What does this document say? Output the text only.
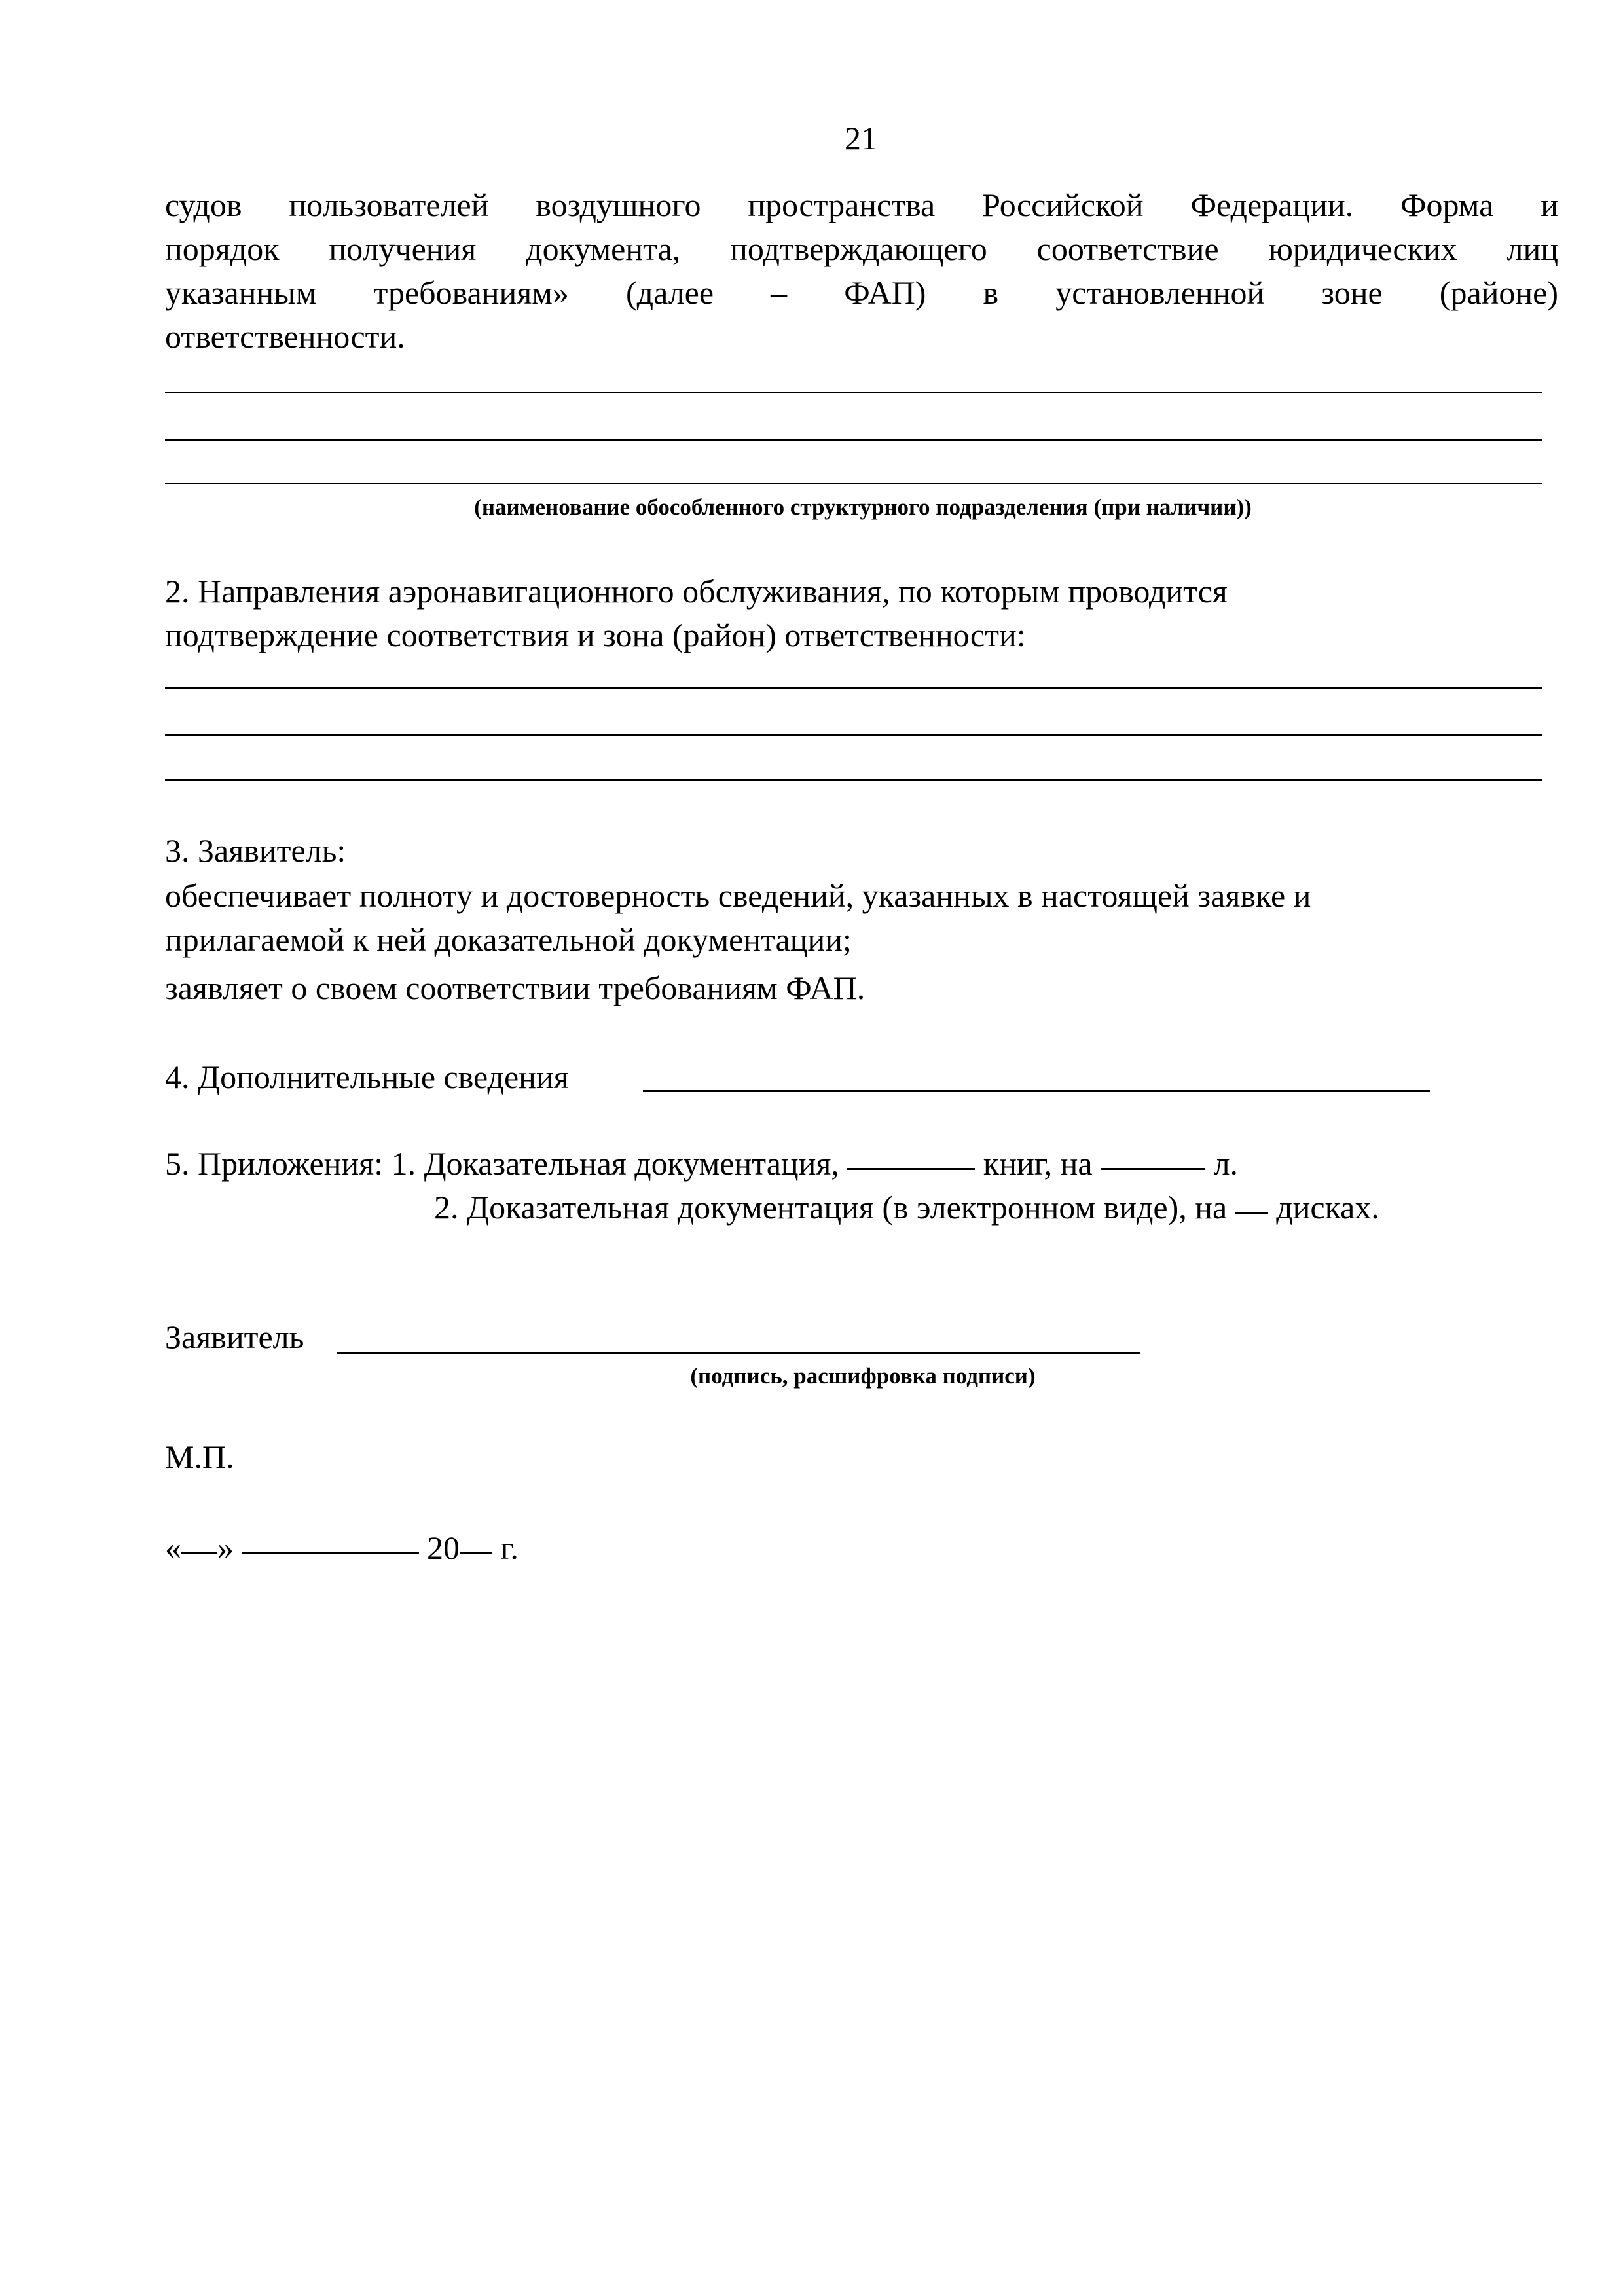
21
судов пользователей воздушного пространства Российской Федерации. Форма и
порядок получения документа, подтверждающего соответствие юридических лиц
указанным требованиям» (далее – ФАП) в установленной зоне (районе)
ответственности.
(наименование обособленного структурного подразделения (при наличии))
2. Направления аэронавигационного обслуживания, по которым проводится
подтверждение соответствия и зона (район) ответственности:
3. Заявитель:
обеспечивает полноту и достоверность сведений, указанных в настоящей заявке и
прилагаемой к ней доказательной документации;
заявляет о своем соответствии требованиям ФАП.
4. Дополнительные сведения
5. Приложения: 1. Доказательная документация,	книг, на	л.
2. Доказательная документация (в электронном виде), на дисках.
Заявитель
(подпись, расшифровка подписи)
М.П.
« »	20 г.
